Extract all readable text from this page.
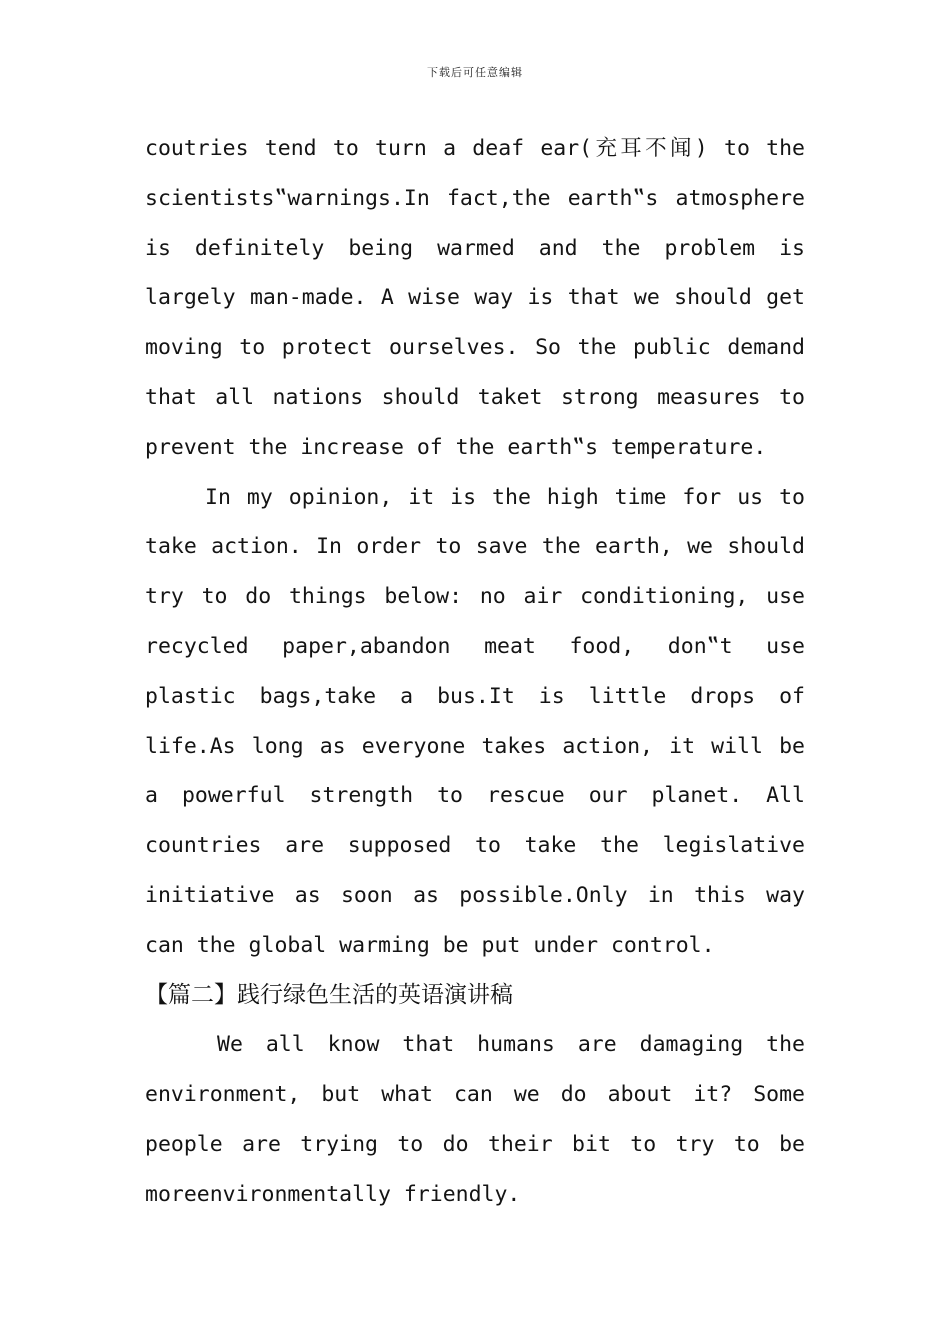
下载后可任意编辑

coutries tend to turn a deaf ear(充耳不闻) to the scientists‟warnings.In fact,the earth‟s atmosphere is definitely being warmed and the problem is largely man-made. A wise way is that we should get moving to protect ourselves. So the public demand that all nations should taket strong measures to prevent the increase of the earth‟s temperature.

In my opinion, it is the high time for us to take action. In order to save the earth, we should try to do things below: no air conditioning, use recycled paper,abandon meat food, don‟t use plastic bags,take a bus.It is little drops of life.As long as everyone takes action, it will be a powerful strength to rescue our planet. All countries are supposed to take the legislative initiative as soon as possible.Only in this way can the global warming be put under control.

【篇二】践行绿色生活的英语演讲稿

We all know that humans are damaging the environment, but what can we do about it? Some people are trying to do their bit to try to be moreenvironmentally friendly.
